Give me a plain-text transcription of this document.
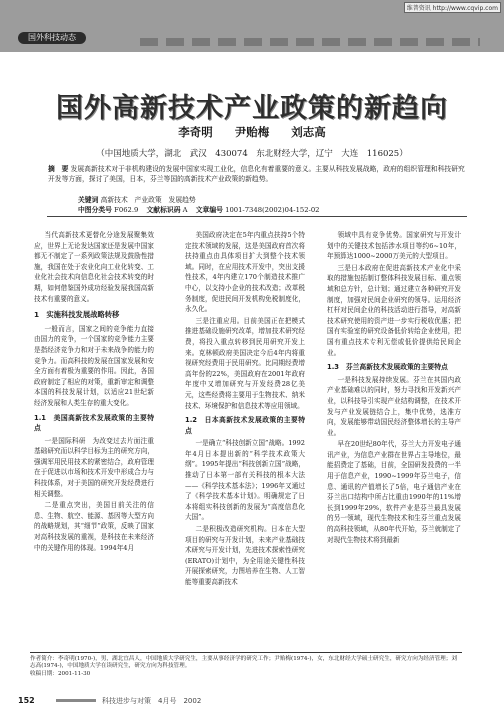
国外科技动态
维普资讯 http://www.cqvip.com
国外高新技术产业政策的新趋向
李奇明 尹贻梅 刘志高
（中国地质大学，湖北　武汉　430074　东北财经大学，辽宁　大连　116025）
摘　要 发展高新技术对于非机构建设的发展中国家实现工业化，信息化有着重要的意义。主要从科技发展战略，政府的组织管理和科技研究开发等方面，探讨了美国，日本，芬兰等国的高新技术产业政策的新趋势。
关键词 高新技术　产业政策　发展趋势
中图分类号 F062.9 文献标识码 A 文章编号 1001-7348(2002)04-152-02

当代高新技术更替化分途发展聚集效应，世界上无论发达国家还是发展中国家都无不制定了一系列政策法规及鼓励性措施，我国在处于农业化向工业化转变、工业化社会技术向信息化社会技术转变的时期，如何借鉴国外成功经验发展我国高新技术有重要的意义。

1　实施科技发展战略转移

一般而言，国家之间的竞争能力直接由国力的竞争，一个国家的竞争能力主要是指经济竞争力和对于未来战争的能力的竞争力。而高科技的发展在国家发展和安全方面有着极为重要的作用。因此，各国政府制定了相应的对策，重新审定和调整本国的科技发展计划，以适应21世纪新经济发展和人类生存的重大变化。

1.1　美国高新技术发展政策的主要特点

一是国际科研　为改变过去片面注重基础研究而以科学目标为主的研究方向，强调军用民用技术的紧密结合，政府管理在于促进以市场和技术开发中形成合力与科技体系，对于美国的研究开发经费进行相关调整。

二是重点突出，美国目前关注的信息、生物、航空、能源、基因等大型方向的战略规划，其“细节”政策，反映了国家对高科技发展的重视，是科技在未来经济中的关键作用的体现。1994年4月

美国政府决定在5年内重点扶持5个特定技术领域的发展，这是美国政府首次将扶持重点由具体项目扩大到整个技术领域。同时，在应用技术开发中，突出支援性技术，4年内建立170个制造技术推广中心，以支持小企业的技术改造；改革税务制度，促进民间开发机构免税制度化，永久化。

三是注重应用。目前美国正在把模式推进基础设施研究改革，增加技术研究经费，将投入重点转移到民用研究开发上来。克林顿政府美国决定今后4年内将重视研究经费用于民用研究。比同期经费增高年份的22%，美国政府在2001年政府年度中又增加研究与开发经费28亿美元，这些经费将主要用于生物技术、纳米技术、环境保护和信息技术等应用领域。

1.2　日本高新技术发展政策的主要特点

一是确立“科技创新立国”战略。1992年4月日本提出新的“科学技术政策大纲”。1995年提出“科技创新立国”战略，推动了日本第一部有关科技的根本大法——《科学技术基本法》；1996年又通过了《科学技术基本计划》。明确规定了日本将组实科技创新的发展为“高度信息化大国”。

二是积极改造研究机构。日本在大型项目的研究与开发计划，未来产业基础技术研究与开发计划，先进技术探索性研究(ERATO)计划中，为全用途关键性科技开展探索研究，力图培养在生物、人工智能等重要高新技术

领域中具有竞争优势。国家研究与开发计划中的关键技术包括涉水项目等约6~10年，年预算达1000~2000万美元的大型项目。

三是日本政府在促进高新技术产业化中采取的措施包括制订整体科技发展目标、重点领域和总方针，总计划；通过建立各种研究开发制度，加强对民间企业研究的领导。运用经济杠杆对民间企业的科技活动进行指导，对高新技术研究使用的资产进一步实行税收优惠；把国有实验室的研究设备低价转给企业使用，把国有重点技术专利无偿或低价提供给民间企业。

1.3　芬兰高新技术发展政策的主要特点

一是科技发展持续发展。芬兰在其国内政产业基础难以的同时，努力寻找和开发新兴产业，以科技导引实现产业结构调整，在技术开发与产业发展链结合上，集中优势，选准方向，发展能够带动国民经济整体增长的主导产业。

早在20世纪80年代，芬兰大力开发电子通讯产业，为信息产业群在世界占主导地位，最能招费定了基础，目前，全国研发投费的一半用于信息产业，1990~1999年芬兰电子，信息、通讯的产值增长了5倍，电子通信产业在芬兰出口结构中所占比重由1990年的11%增长到1999年29%，软件产业是芬兰最具发展的另一领域，现代生物技术和生芬兰重点发展的高科技领域，从80年代开始，芬兰就制定了对现代生物技术将到最新

作者简介：李奇明(1970-)，男，湖北宜昌人，中国地质大学研究生，主要从事经济学的研究工作；尹贻梅(1974-)，女，东北财经大学硕士研究生，研究方向为经济管理；刘志高(1974-)，中国地质大学在读研究生，研究方向为科技管理。
收稿日期：2001-11-30
152	科技进步与对策　4月号　2002
